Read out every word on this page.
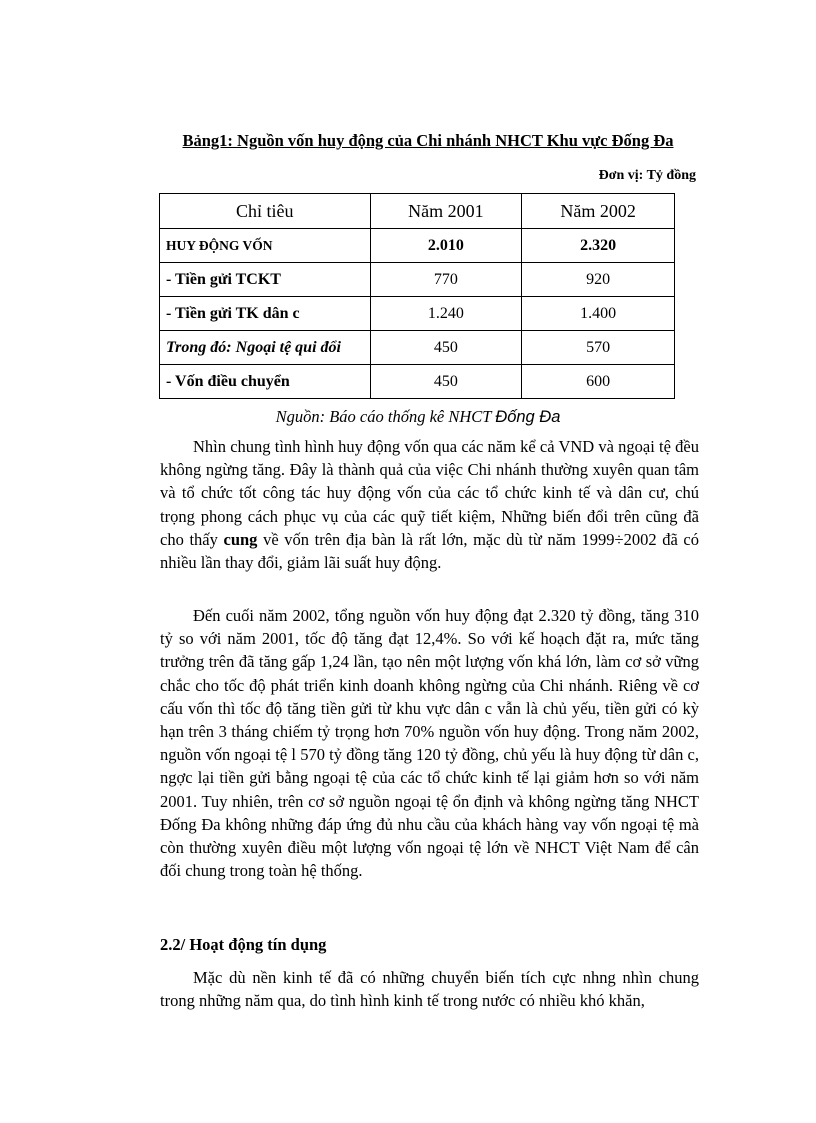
Bảng1: Nguồn vốn huy động của Chi nhánh NHCT Khu vực Đống Đa
Đơn vị: Tỷ đồng
Chỉ tiêu	Năm 2001	Năm 2002
HUY ĐỘNG VỐN	2.010	2.320
- Tiền gửi TCKT	770	920
- Tiền gửi TK dân c	1.240	1.400
Trong đó: Ngoại tệ qui đổi	450	570
- Vốn điều chuyển	450	600
Nguồn: Báo cáo thống kê NHCT Đống Đa

Nhìn chung tình hình huy động vốn qua các năm kể cả VND và ngoại tệ đều không ngừng tăng. Đây là thành quả của việc Chi nhánh thường xuyên quan tâm và tổ chức tốt công tác huy động vốn của các tổ chức kinh tế và dân cư, chú trọng phong cách phục vụ của các quỹ tiết kiệm, Những biến đổi trên cũng đã cho thấy cung về vốn trên địa bàn là rất lớn, mặc dù từ năm 1999÷2002 đã có nhiều lần thay đổi, giảm lãi suất huy động.

Đến cuối năm 2002, tổng nguồn vốn huy động đạt 2.320 tỷ đồng, tăng 310 tỷ so với năm 2001, tốc độ tăng đạt 12,4%. So với kế hoạch đặt ra, mức tăng trưởng trên đã tăng gấp 1,24 lần, tạo nên một lượng vốn khá lớn, làm cơ sở vững chắc cho tốc độ phát triển kinh doanh không ngừng của Chi nhánh. Riêng về cơ cấu vốn thì tốc độ tăng tiền gửi từ khu vực dân c vẫn là chủ yếu, tiền gửi có kỳ hạn trên 3 tháng chiếm tỷ trọng hơn 70% nguồn vốn huy động. Trong năm 2002, nguồn vốn ngoại tệ l 570 tỷ đồng tăng 120 tỷ đồng, chủ yếu là huy động từ dân c, ngợc lại tiền gửi bằng ngoại tệ của các tổ chức kinh tế lại giảm hơn so với năm 2001. Tuy nhiên, trên cơ sở nguồn ngoại tệ ổn định và không ngừng tăng NHCT Đống Đa không những đáp ứng đủ nhu cầu của khách hàng vay vốn ngoại tệ mà còn thường xuyên điều một lượng vốn ngoại tệ lớn về NHCT Việt Nam để cân đối chung trong toàn hệ thống.

2.2/ Hoạt động tín dụng

Mặc dù nền kinh tế đã có những chuyển biến tích cực nhng nhìn chung trong những năm qua, do tình hình kinh tế trong nước có nhiều khó khăn,
